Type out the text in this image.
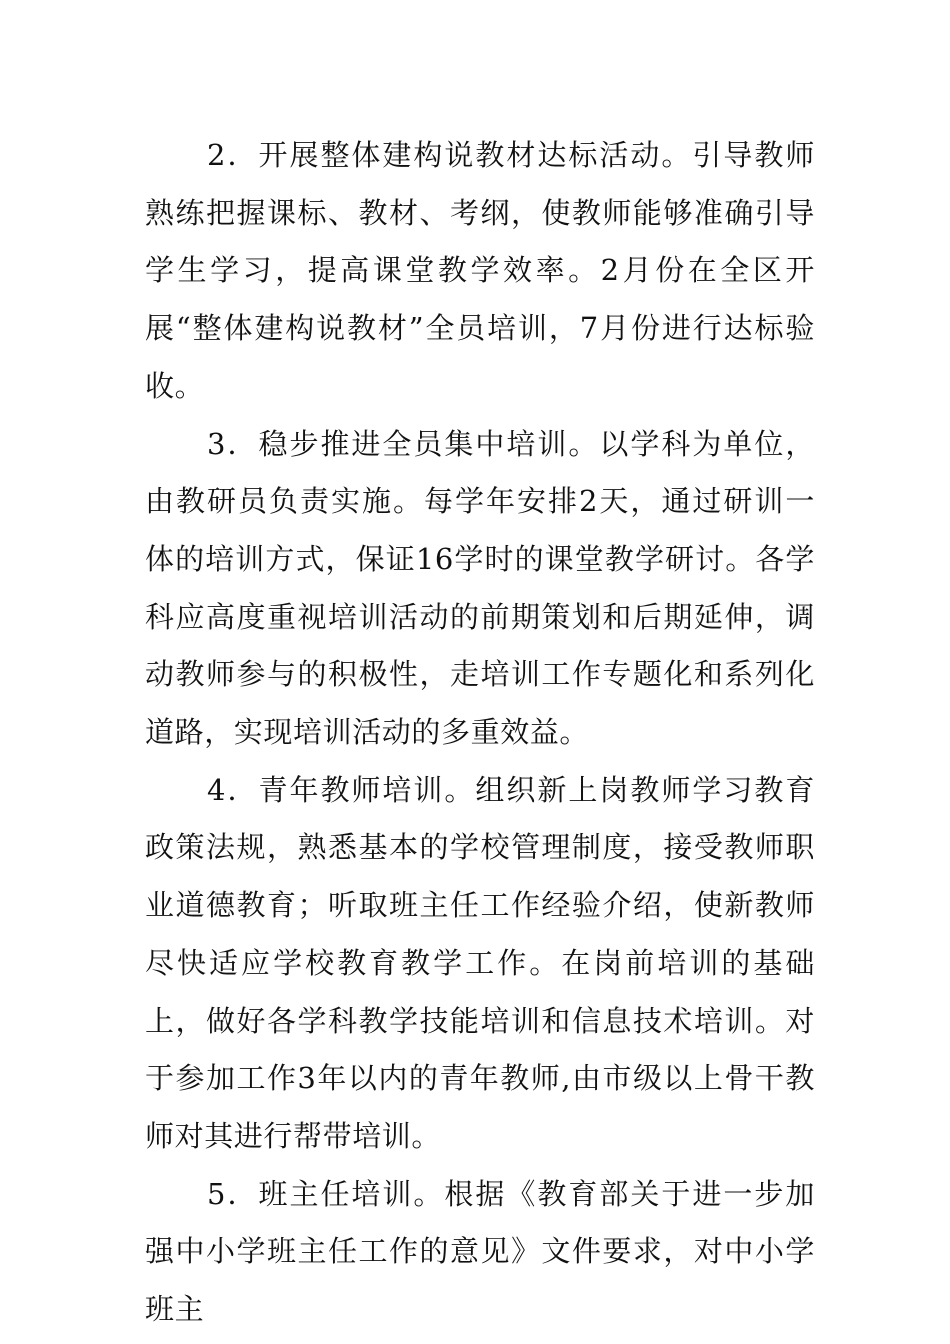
2．开展整体建构说教材达标活动。引导教师熟练把握课标、教材、考纲，使教师能够准确引导学生学习，提高课堂教学效率。2月份在全区开展“整体建构说教材”全员培训，7月份进行达标验收。

3．稳步推进全员集中培训。以学科为单位，由教研员负责实施。每学年安排2天，通过研训一体的培训方式，保证16学时的课堂教学研讨。各学科应高度重视培训活动的前期策划和后期延伸，调动教师参与的积极性，走培训工作专题化和系列化道路，实现培训活动的多重效益。

4．青年教师培训。组织新上岗教师学习教育政策法规，熟悉基本的学校管理制度，接受教师职业道德教育；听取班主任工作经验介绍，使新教师尽快适应学校教育教学工作。在岗前培训的基础上，做好各学科教学技能培训和信息技术培训。对于参加工作3年以内的青年教师,由市级以上骨干教师对其进行帮带培训。

5．班主任培训。根据《教育部关于进一步加强中小学班主任工作的意见》文件要求，对中小学班主
